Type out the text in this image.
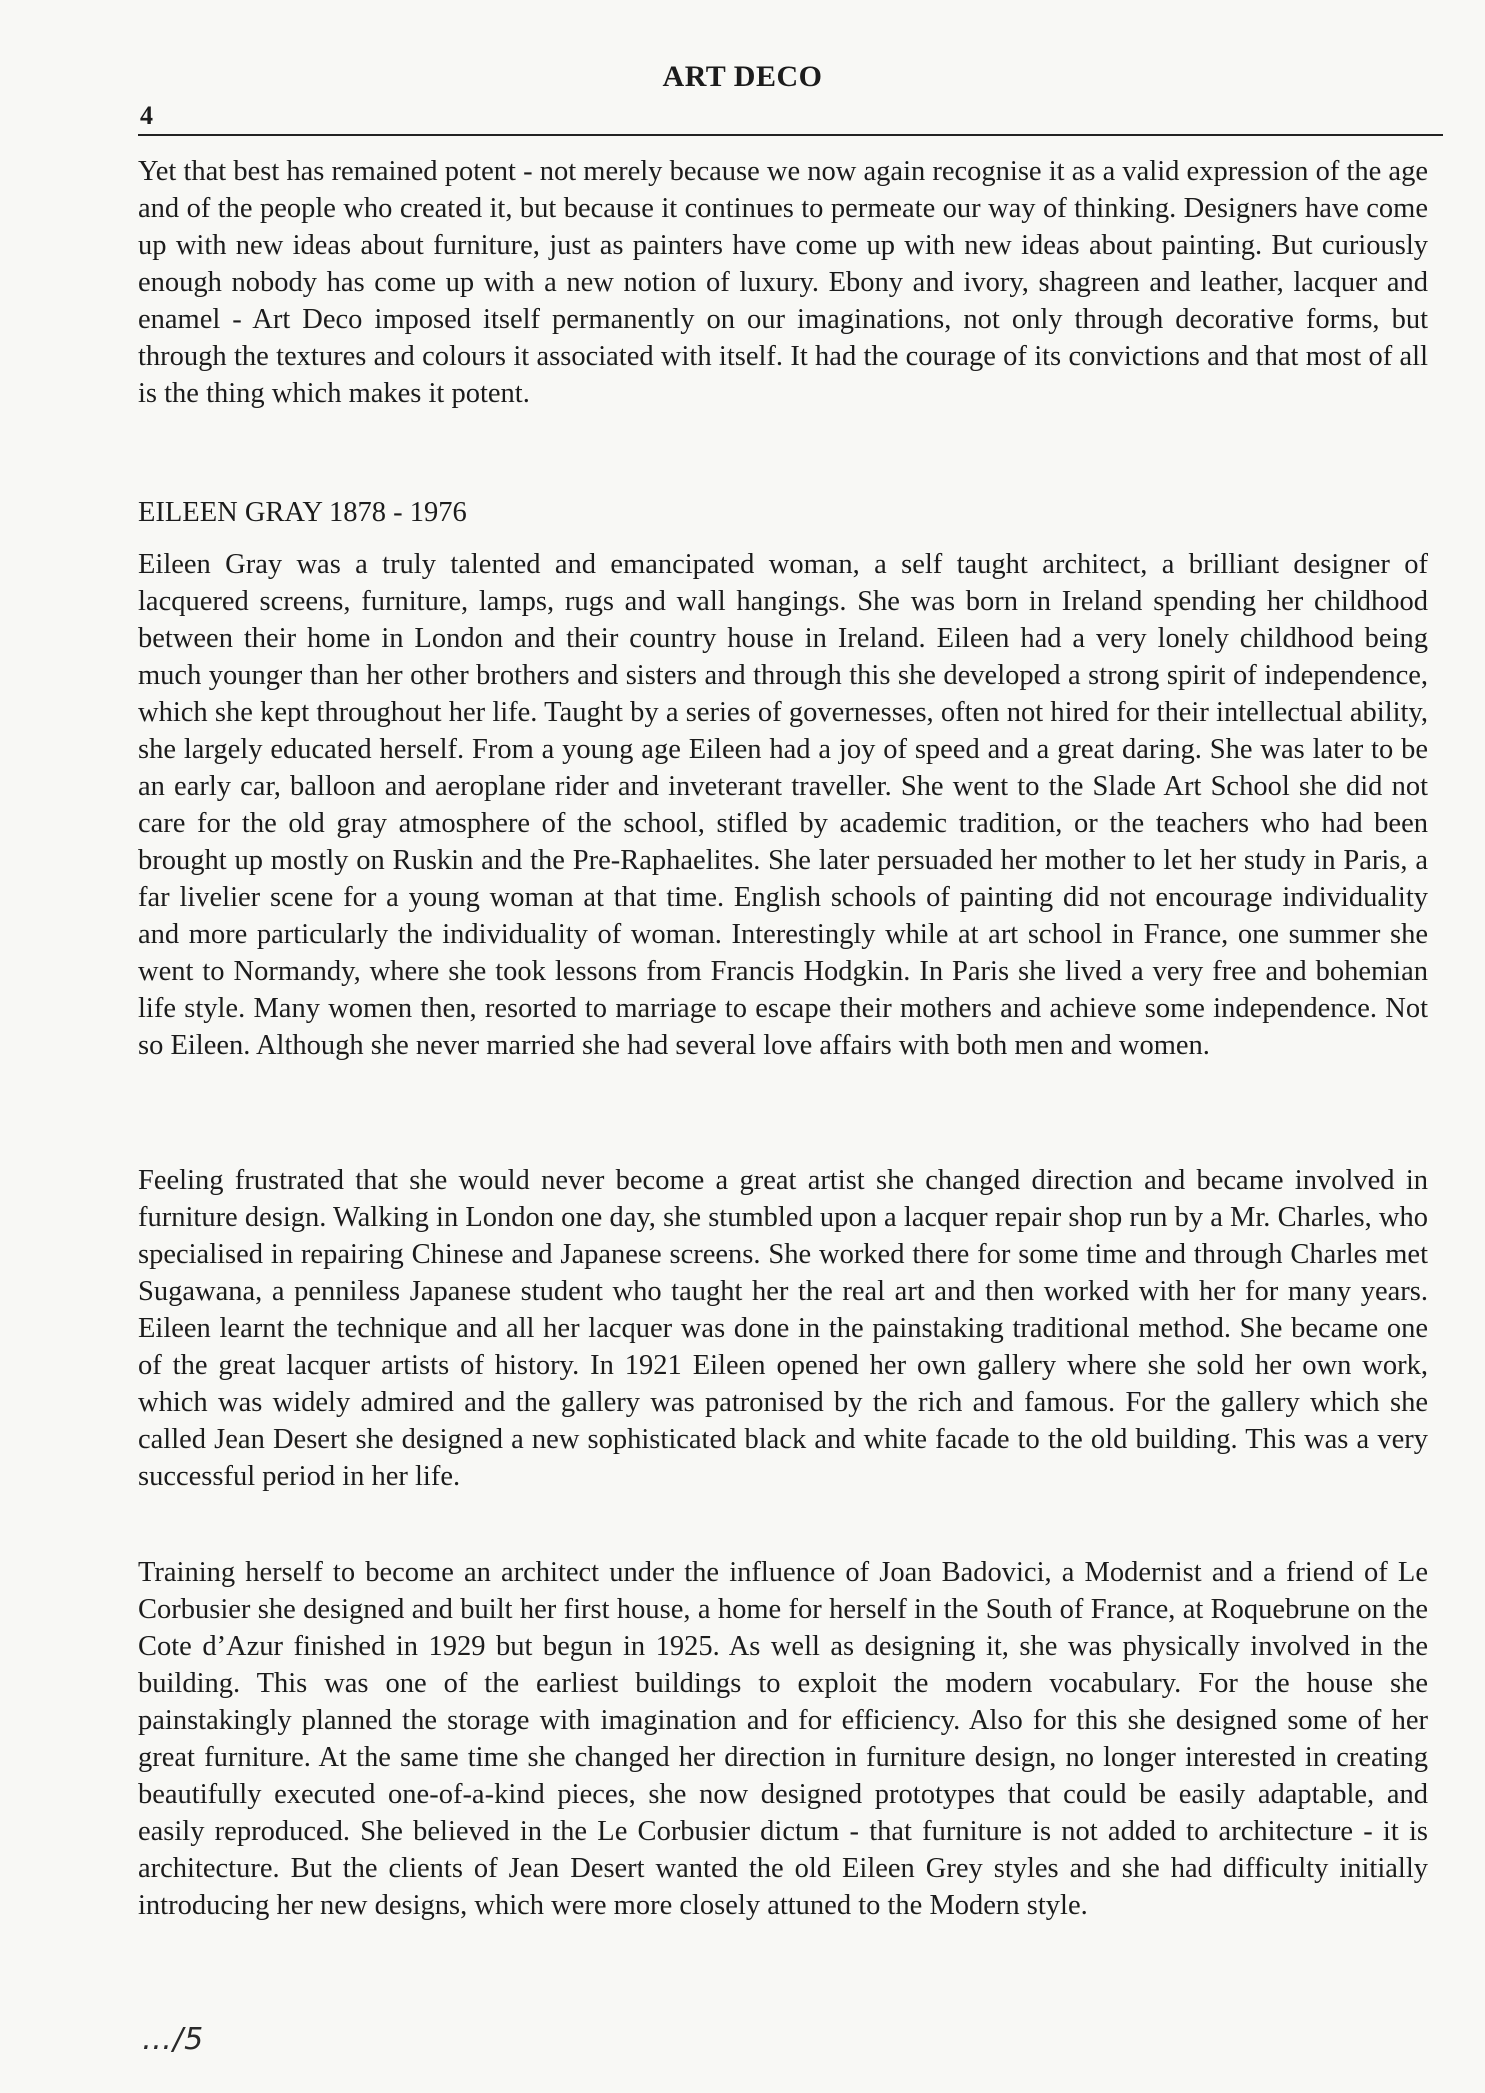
ART DECO
4

Yet that best has remained potent - not merely because we now again recognise it as a valid expression of the age and of the people who created it, but because it continues to permeate our way of thinking. Designers have come up with new ideas about furniture, just as painters have come up with new ideas about painting. But curiously enough nobody has come up with a new notion of luxury. Ebony and ivory, shagreen and leather, lacquer and enamel - Art Deco imposed itself permanently on our imaginations, not only through decorative forms, but through the textures and colours it associated with itself. It had the courage of its convictions and that most of all is the thing which makes it potent.

EILEEN GRAY 1878 - 1976

Eileen Gray was a truly talented and emancipated woman, a self taught architect, a brilliant designer of lacquered screens, furniture, lamps, rugs and wall hangings. She was born in Ireland spending her childhood between their home in London and their country house in Ireland. Eileen had a very lonely childhood being much younger than her other brothers and sisters and through this she developed a strong spirit of independence, which she kept throughout her life. Taught by a series of governesses, often not hired for their intellectual ability, she largely educated herself. From a young age Eileen had a joy of speed and a great daring. She was later to be an early car, balloon and aeroplane rider and inveterant traveller. She went to the Slade Art School she did not care for the old gray atmosphere of the school, stifled by academic tradition, or the teachers who had been brought up mostly on Ruskin and the Pre-Raphaelites. She later persuaded her mother to let her study in Paris, a far livelier scene for a young woman at that time. English schools of painting did not encourage individuality and more particularly the individuality of woman. Interestingly while at art school in France, one summer she went to Normandy, where she took lessons from Francis Hodgkin. In Paris she lived a very free and bohemian life style. Many women then, resorted to marriage to escape their mothers and achieve some independence. Not so Eileen. Although she never married she had several love affairs with both men and women.

Feeling frustrated that she would never become a great artist she changed direction and became involved in furniture design. Walking in London one day, she stumbled upon a lacquer repair shop run by a Mr. Charles, who specialised in repairing Chinese and Japanese screens. She worked there for some time and through Charles met Sugawana, a penniless Japanese student who taught her the real art and then worked with her for many years. Eileen learnt the technique and all her lacquer was done in the painstaking traditional method. She became one of the great lacquer artists of history. In 1921 Eileen opened her own gallery where she sold her own work, which was widely admired and the gallery was patronised by the rich and famous. For the gallery which she called Jean Desert she designed a new sophisticated black and white facade to the old building. This was a very successful period in her life.

Training herself to become an architect under the influence of Joan Badovici, a Modernist and a friend of Le Corbusier she designed and built her first house, a home for herself in the South of France, at Roquebrune on the Cote d’Azur finished in 1929 but begun in 1925. As well as designing it, she was physically involved in the building. This was one of the earliest buildings to exploit the modern vocabulary. For the house she painstakingly planned the storage with imagination and for efficiency. Also for this she designed some of her great furniture. At the same time she changed her direction in furniture design, no longer interested in creating beautifully executed one-of-a-kind pieces, she now designed prototypes that could be easily adaptable, and easily reproduced. She believed in the Le Corbusier dictum - that furniture is not added to architecture - it is architecture. But the clients of Jean Desert wanted the old Eileen Grey styles and she had difficulty initially introducing her new designs, which were more closely attuned to the Modern style.

…/5
